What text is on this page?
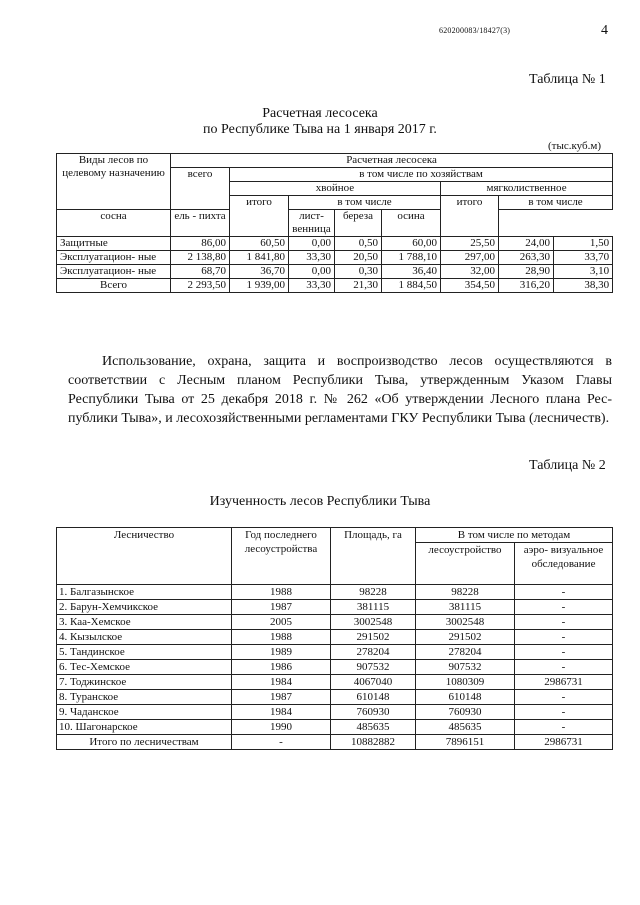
620200083/18427(3)	4
Таблица № 1
Расчетная лесосека
по Республике Тыва на 1 января 2017 г.
(тыс.куб.м)
Виды лесов по целевому назначению	Расчетная лесосека							
	всего	в том числе по хозяйствам						
		хвойное				мягколиственное		
		итого	в том числе			итого	в том числе	
сосна	ель - пихта		лист- венница	береза	осина			
Защитные	86,00	60,50	0,00	0,50	60,00	25,50	24,00	1,50
Эксплуатацион- ные	2 138,80	1 841,80	33,30	20,50	1 788,10	297,00	263,30	33,70
Эксплуатацион- ные	68,70	36,70	0,00	0,30	36,40	32,00	28,90	3,10
Всего	2 293,50	1 939,00	33,30	21,30	1 884,50	354,50	316,20	38,30
Использование, охрана, защита и воспроизводство лесов осуществляются в соответствии с Лесным планом Республики Тыва, утвержденным Указом Главы Республики Тыва от 25 декабря 2018 г. № 262 «Об утверждении Лесного плана Республики Тыва», и лесохозяйственными регламентами ГКУ Республики Тыва (лесничеств).
Таблица № 2
Изученность лесов Республики Тыва
Лесничество	Год последнего лесоустройства	Площадь, га	В том числе по методам	
			лесоустройство	аэро- визуальное обследование
1. Балгазынское	1988	98228	98228	-
2. Барун-Хемчикское	1987	381115	381115	-
3. Каа-Хемское	2005	3002548	3002548	-
4. Кызылское	1988	291502	291502	-
5. Тандинское	1989	278204	278204	-
6. Тес-Хемское	1986	907532	907532	-
7. Тоджинское	1984	4067040	1080309	2986731
8. Туранское	1987	610148	610148	-
9. Чаданское	1984	760930	760930	-
10. Шагонарское	1990	485635	485635	-
Итого по лесничествам	-	10882882	7896151	2986731
